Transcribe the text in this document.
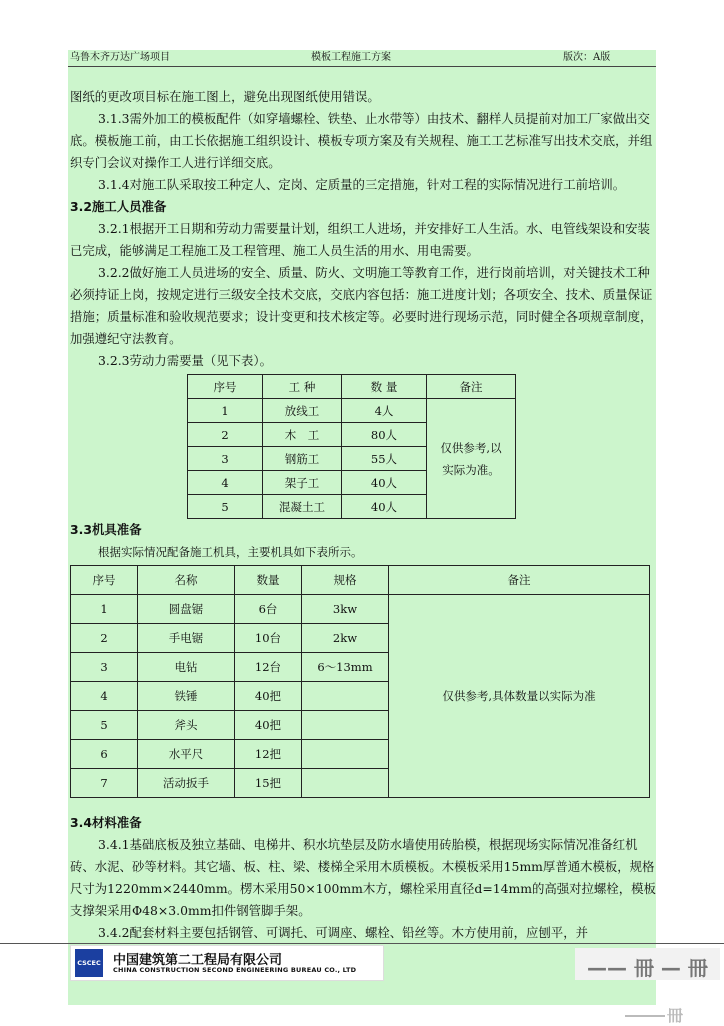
乌鲁木齐万达广场项目	模板工程施工方案	版次：A版

图纸的更改项目标在施工图上，避免出现图纸使用错误。

3.1.3需外加工的模板配件（如穿墙螺栓、铁垫、止水带等）由技术、翻样人员提前对加工厂家做出交底。模板施工前，由工长依据施工组织设计、模板专项方案及有关规程、施工工艺标准写出技术交底，并组织专门会议对操作工人进行详细交底。

3.1.4对施工队采取按工种定人、定岗、定质量的三定措施，针对工程的实际情况进行工前培训。

3.2施工人员准备

3.2.1根据开工日期和劳动力需要量计划，组织工人进场，并安排好工人生活。水、电管线架设和安装已完成，能够满足工程施工及工程管理、施工人员生活的用水、用电需要。

3.2.2做好施工人员进场的安全、质量、防火、文明施工等教育工作，进行岗前培训，对关键技术工种必须持证上岗，按规定进行三级安全技术交底，交底内容包括：施工进度计划；各项安全、技术、质量保证措施；质量标准和验收规范要求；设计变更和技术核定等。必要时进行现场示范，同时健全各项规章制度，加强遵纪守法教育。

3.2.3劳动力需要量（见下表）。

序号	工 种	数 量	备注
1	放线工	4人	仅供参考,以
实际为准。
2	木　工	80人	
3	钢筋工	55人	
4	架子工	40人	
5	混凝土工	40人	

3.3机具准备

根据实际情况配备施工机具，主要机具如下表所示。

序号	名称	数量	规格	备注
1	圆盘锯	6台	3kw	仅供参考,具体数量以实际为准
2	手电锯	10台	2kw	
3	电钻	12台	6～13mm	
4	铁锤	40把		
5	斧头	40把		
6	水平尺	12把		
7	活动扳手	15把		

3.4材料准备

3.4.1基础底板及独立基础、电梯井、积水坑垫层及防水墙使用砖胎模，根据现场实际情况准备红机砖、水泥、砂等材料。其它墙、板、柱、梁、楼梯全采用木质模板。木模板采用15mm厚普通木模板，规格尺寸为1220mm×2440mm。楞木采用50×100mm木方，螺栓采用直径d=14mm的高强对拉螺栓，模板支撑架采用Φ48×3.0mm扣件钢管脚手架。

3.4.2配套材料主要包括钢管、可调托、可调座、螺栓、铅丝等。木方使用前，应刨平，并

CSCEC 中国建筑第二工程局有限公司
CHINA CONSTRUCTION SECOND ENGINEERING BUREAU CO., LTD	—— 冊 — 冊
冊
